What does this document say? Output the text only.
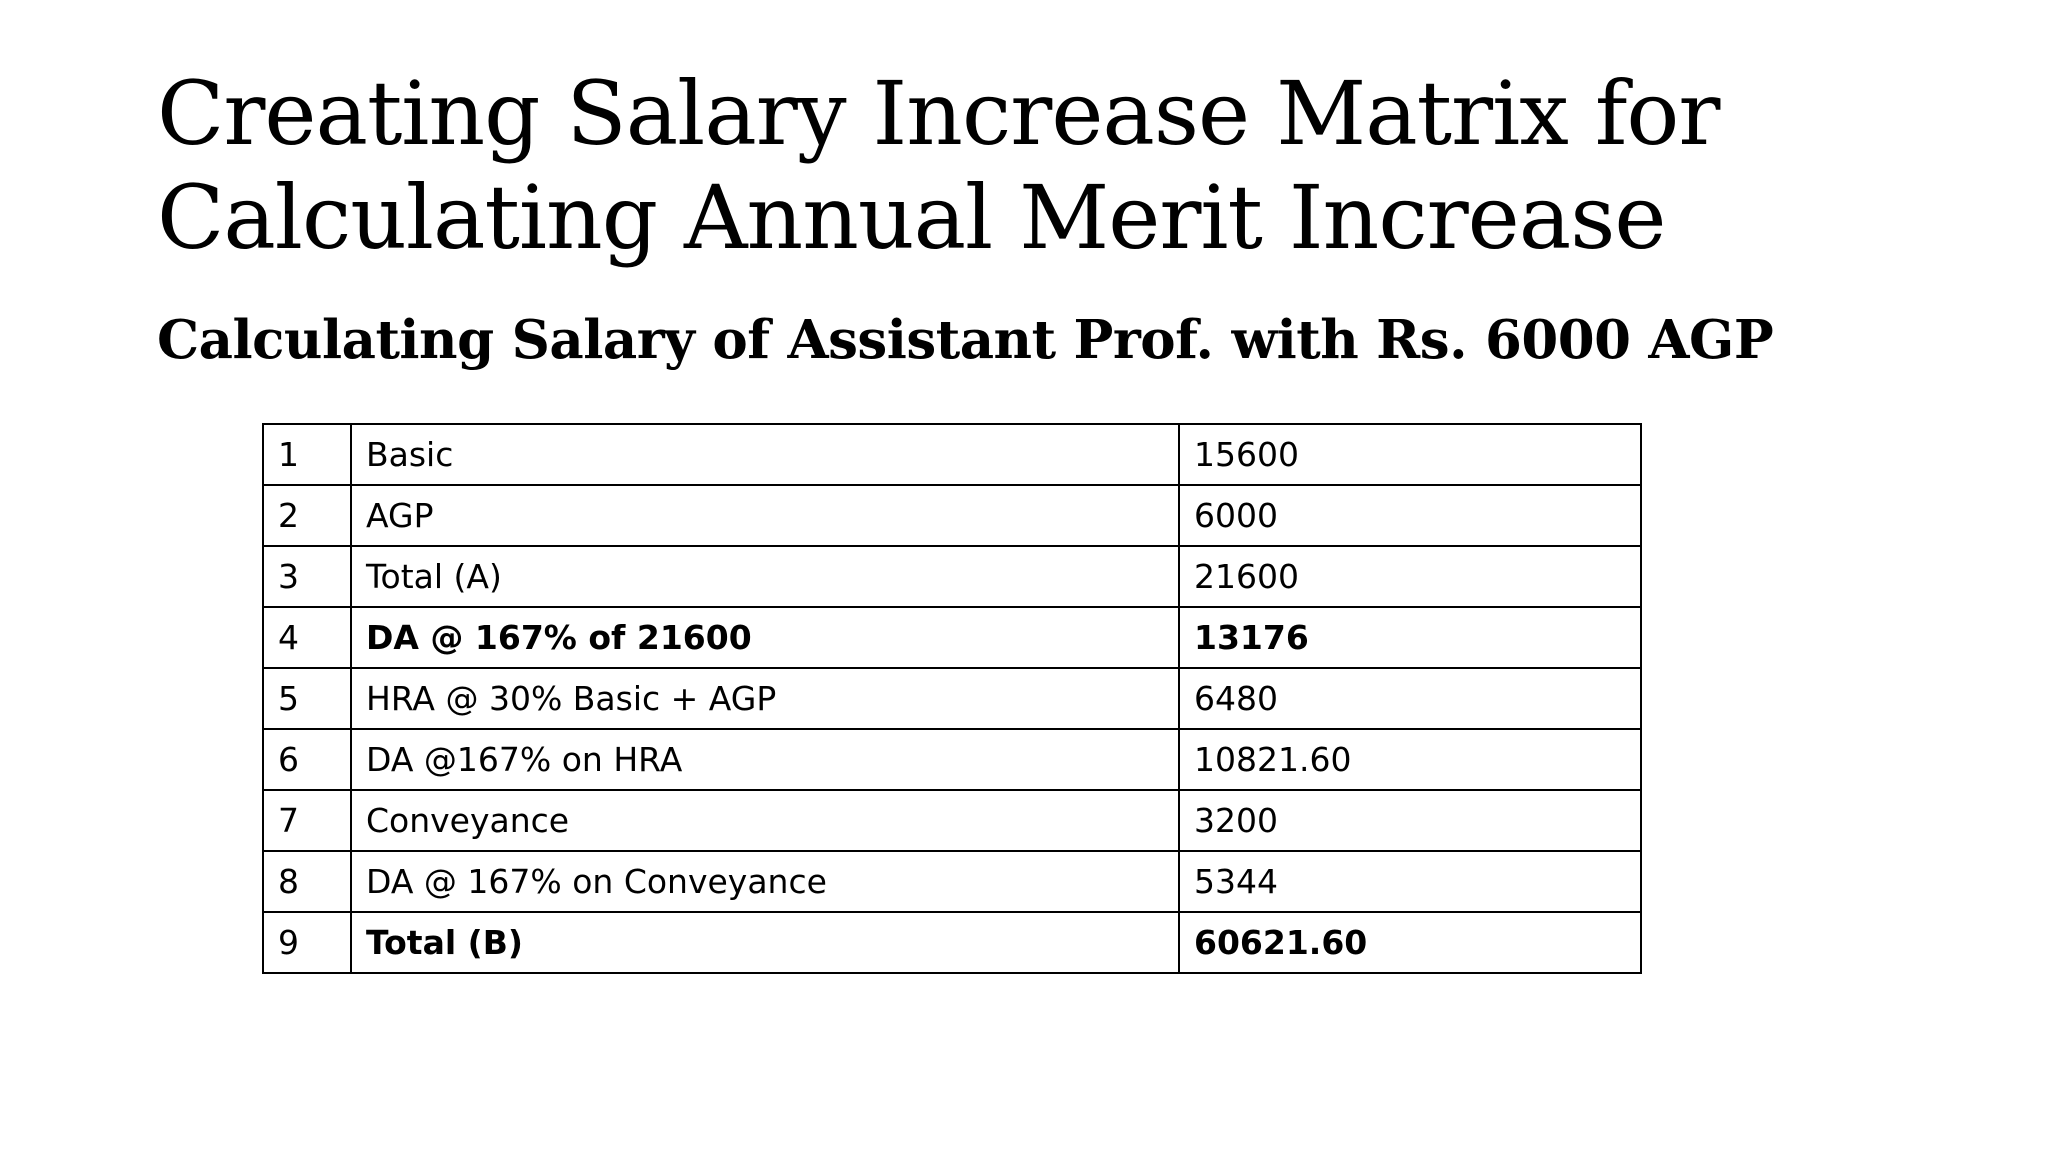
Creating Salary Increase Matrix for
Calculating Annual Merit Increase
Calculating Salary of Assistant Prof. with Rs. 6000 AGP
1	Basic	15600
2	AGP	6000
3	Total (A)	21600
4	DA @ 167% of 21600	13176
5	HRA @ 30% Basic + AGP	6480
6	DA @167% on HRA	10821.60
7	Conveyance	3200
8	DA @ 167% on Conveyance	5344
9	Total (B)	60621.60
